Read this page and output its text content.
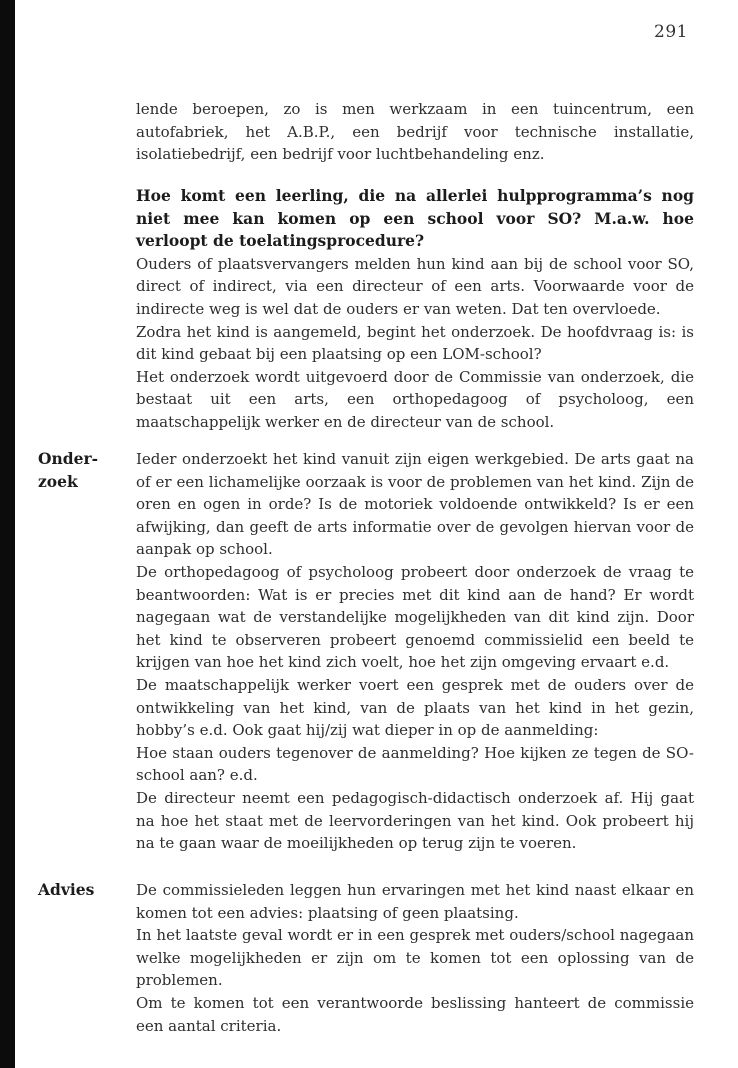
291

lende beroepen, zo is men werkzaam in een tuincentrum, een autofabriek, het A.B.P., een bedrijf voor technische installatie, isolatiebedrijf, een bedrijf voor luchtbehandeling enz.

Hoe komt een leerling, die na allerlei hulpprogramma’s nog niet mee kan komen op een school voor SO? M.a.w. hoe verloopt de toelatingsprocedure?

Ouders of plaatsvervangers melden hun kind aan bij de school voor SO, direct of indirect, via een directeur of een arts. Voorwaarde voor de indirecte weg is wel dat de ouders er van weten. Dat ten overvloede.

Zodra het kind is aangemeld, begint het onderzoek. De hoofdvraag is: is dit kind gebaat bij een plaatsing op een LOM-school?

Het onderzoek wordt uitgevoerd door de Commissie van onderzoek, die bestaat uit een arts, een orthopedagoog of psycholoog, een maatschappelijk werker en de directeur van de school.

Onder-
zoek

Ieder onderzoekt het kind vanuit zijn eigen werkgebied. De arts gaat na of er een lichamelijke oorzaak is voor de problemen van het kind. Zijn de oren en ogen in orde? Is de motoriek voldoende ontwikkeld? Is er een afwijking, dan geeft de arts informatie over de gevolgen hiervan voor de aanpak op school.

De orthopedagoog of psycholoog probeert door onderzoek de vraag te beantwoorden: Wat is er precies met dit kind aan de hand? Er wordt nagegaan wat de verstandelijke mogelijkheden van dit kind zijn. Door het kind te observeren probeert genoemd commissielid een beeld te krijgen van hoe het kind zich voelt, hoe het zijn omgeving ervaart e.d.

De maatschappelijk werker voert een gesprek met de ouders over de ontwikkeling van het kind, van de plaats van het kind in het gezin, hobby’s e.d. Ook gaat hij/zij wat dieper in op de aanmelding:

Hoe staan ouders tegenover de aanmelding? Hoe kijken ze tegen de SO-school aan? e.d.

De directeur neemt een pedagogisch-didactisch onderzoek af. Hij gaat na hoe het staat met de leervorderingen van het kind. Ook probeert hij na te gaan waar de moeilijkheden op terug zijn te voeren.

Advies	De commissieleden leggen hun ervaringen met het kind naast elkaar en komen tot een advies: plaatsing of geen plaatsing.

In het laatste geval wordt er in een gesprek met ouders/school nagegaan welke mogelijkheden er zijn om te komen tot een oplossing van de problemen.

Om te komen tot een verantwoorde beslissing hanteert de commissie een aantal criteria.
